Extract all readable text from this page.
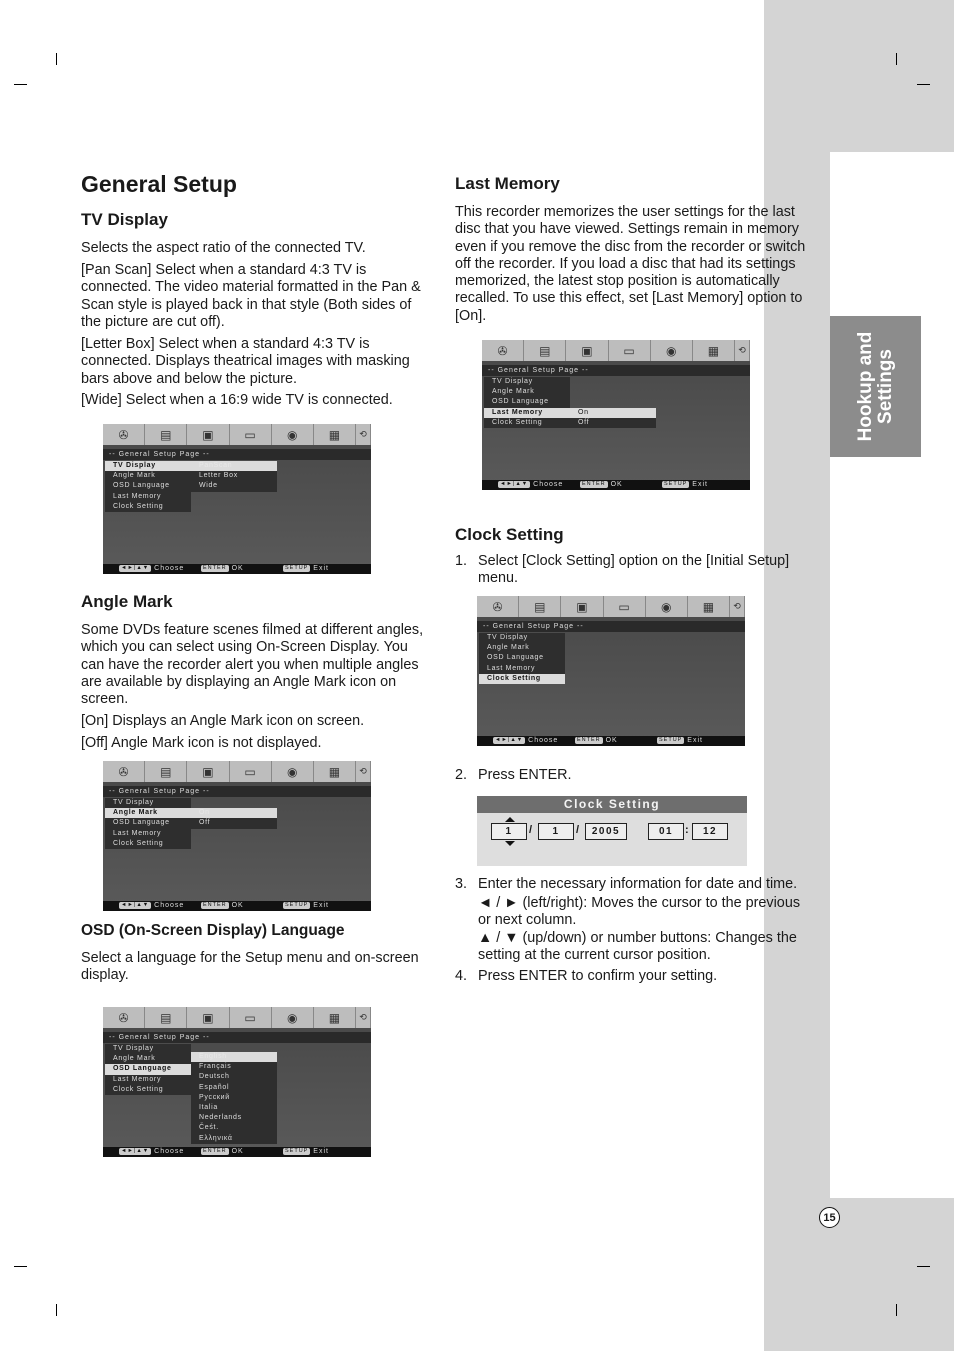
Hookup and
Settings
15
General Setup
TV Display

Selects the aspect ratio of the connected TV.

[Pan Scan] Select when a standard 4:3 TV is connected. The video material formatted in the Pan & Scan style is played back in that style (Both sides of the picture are cut off).

[Letter Box] Select when a standard 4:3 TV is connected. Displays theatrical images with masking bars above and below the picture.

[Wide] Select when a 16:9 wide TV is connected.

✇	▤	▣	▭	◉	▦	⟲
-- General Setup Page --
TV Display
Angle Mark
OSD Language
Last Memory
Clock Setting
PanScan
Letter Box
Wide
◄►|▲▼ Choose	ENTER OK	SETUP Exit
Angle Mark

Some DVDs feature scenes filmed at different angles, which you can select using On-Screen Display. You can have the recorder alert you when multiple angles are available by displaying an Angle Mark icon on screen.

[On] Displays an Angle Mark icon on screen.

[Off] Angle Mark icon is not displayed.

✇	▤	▣	▭	◉	▦	⟲
-- General Setup Page --
TV Display
Angle Mark
OSD Language
Last Memory
Clock Setting
On
Off
◄►|▲▼ Choose	ENTER OK	SETUP Exit
OSD (On-Screen Display) Language

Select a language for the Setup menu and on-screen display.

✇	▤	▣	▭	◉	▦	⟲
-- General Setup Page --
TV Display
Angle Mark
OSD Language
Last Memory
Clock Setting
English
Français
Deutsch
Español
Русский
Italia
Nederlands
Čeśt.
Ελληνικά
◄►|▲▼ Choose	ENTER OK	SETUP Exit
Last Memory

This recorder memorizes the user settings for the last disc that you have viewed. Settings remain in memory even if you remove the disc from the recorder or switch off the recorder. If you load a disc that had its settings memorized, the latest stop position is automatically recalled. To use this effect, set [Last Memory] option to [On].

✇	▤	▣	▭	◉	▦	⟲
-- General Setup Page --
TV Display
Angle Mark
OSD Language
Last Memory
Clock Setting
On
Off
◄►|▲▼ Choose	ENTER OK	SETUP Exit
Clock Setting
1. Select [Clock Setting] option on the [Initial Setup] menu.
✇	▤	▣	▭	◉	▦	⟲
-- General Setup Page --
TV Display
Angle Mark
OSD Language
Last Memory
Clock Setting
◄►|▲▼ Choose	ENTER OK	SETUP Exit
2. Press ENTER.
Clock Setting
1	/	1	/	2005	01	:	12
3. Enter the necessary information for date and time.
◄ / ► (left/right): Moves the cursor to the previous or next column.
▲ / ▼ (up/down) or number buttons: Changes the setting at the current cursor position.
4. Press ENTER to confirm your setting.
